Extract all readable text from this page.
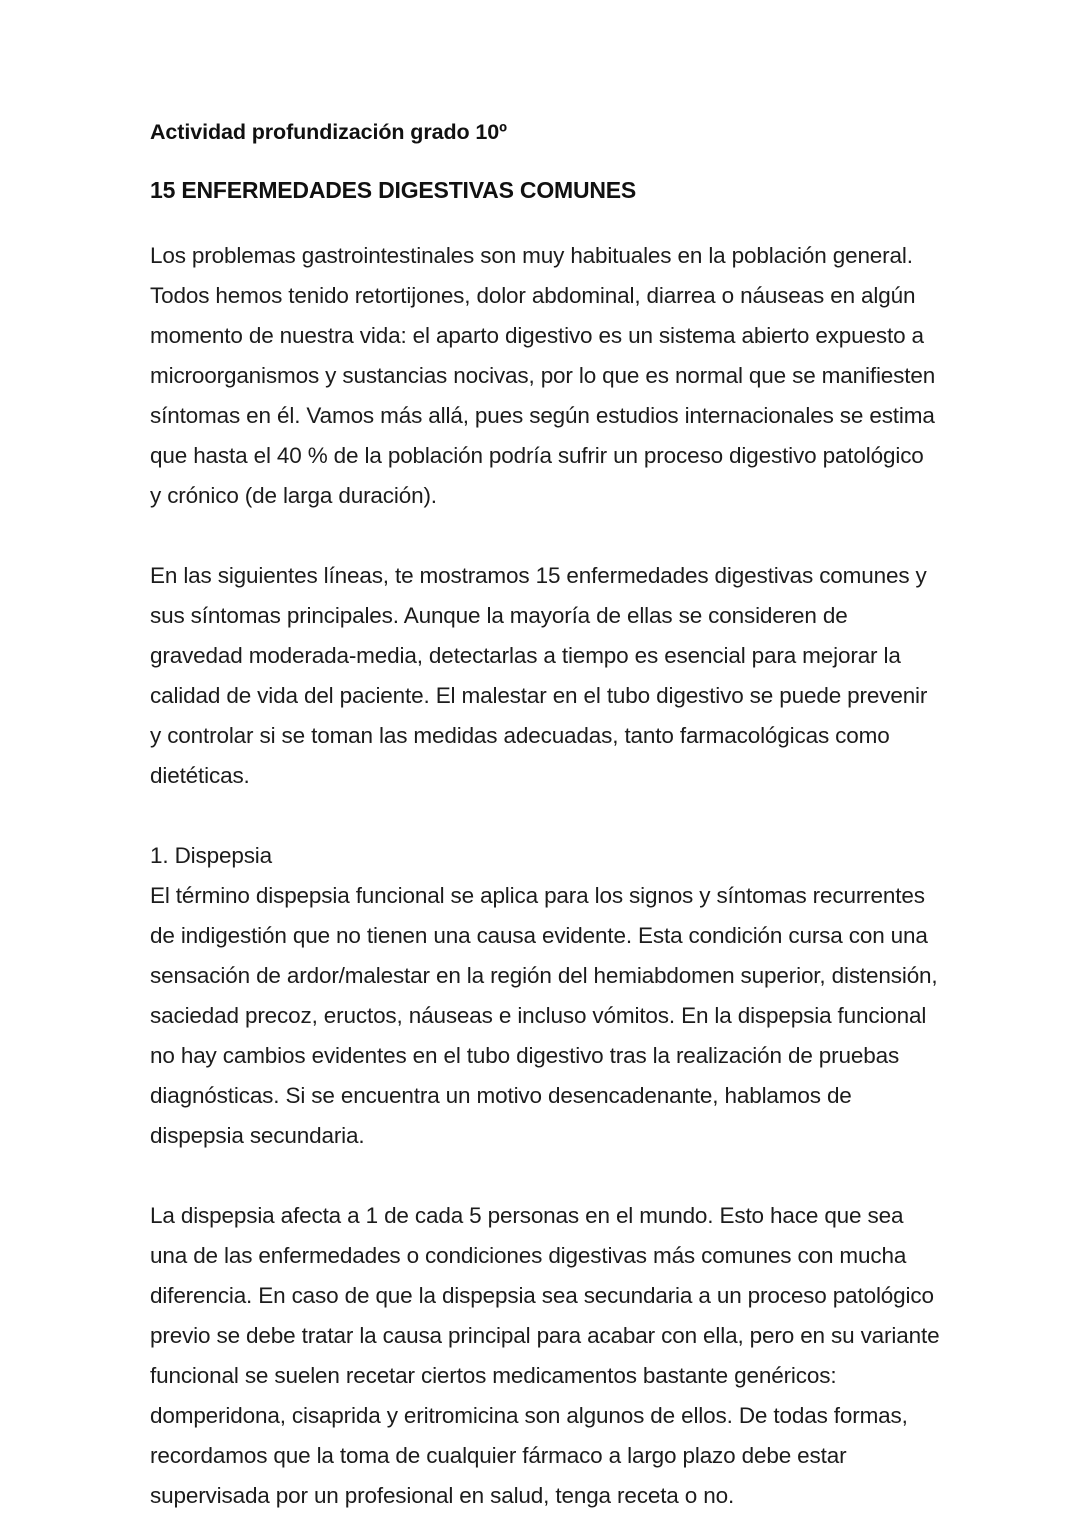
Actividad profundización grado 10º
15 ENFERMEDADES DIGESTIVAS COMUNES

Los problemas gastrointestinales son muy habituales en la población general. Todos hemos tenido retortijones, dolor abdominal, diarrea o náuseas en algún momento de nuestra vida: el aparto digestivo es un sistema abierto expuesto a microorganismos y sustancias nocivas, por lo que es normal que se manifiesten síntomas en él. Vamos más allá, pues según estudios internacionales se estima que hasta el 40 % de la población podría sufrir un proceso digestivo patológico y crónico (de larga duración).

En las siguientes líneas, te mostramos 15 enfermedades digestivas comunes y sus síntomas principales. Aunque la mayoría de ellas se consideren de gravedad moderada-media, detectarlas a tiempo es esencial para mejorar la calidad de vida del paciente. El malestar en el tubo digestivo se puede prevenir y controlar si se toman las medidas adecuadas, tanto farmacológicas como dietéticas.

1. Dispepsia

El término dispepsia funcional se aplica para los signos y síntomas recurrentes de indigestión que no tienen una causa evidente. Esta condición cursa con una sensación de ardor/malestar en la región del hemiabdomen superior, distensión, saciedad precoz, eructos, náuseas e incluso vómitos. En la dispepsia funcional no hay cambios evidentes en el tubo digestivo tras la realización de pruebas diagnósticas. Si se encuentra un motivo desencadenante, hablamos de dispepsia secundaria.

La dispepsia afecta a 1 de cada 5 personas en el mundo. Esto hace que sea una de las enfermedades o condiciones digestivas más comunes con mucha diferencia. En caso de que la dispepsia sea secundaria a un proceso patológico previo se debe tratar la causa principal para acabar con ella, pero en su variante funcional se suelen recetar ciertos medicamentos bastante genéricos: domperidona, cisaprida y eritromicina son algunos de ellos. De todas formas, recordamos que la toma de cualquier fármaco a largo plazo debe estar supervisada por un profesional en salud, tenga receta o no.
